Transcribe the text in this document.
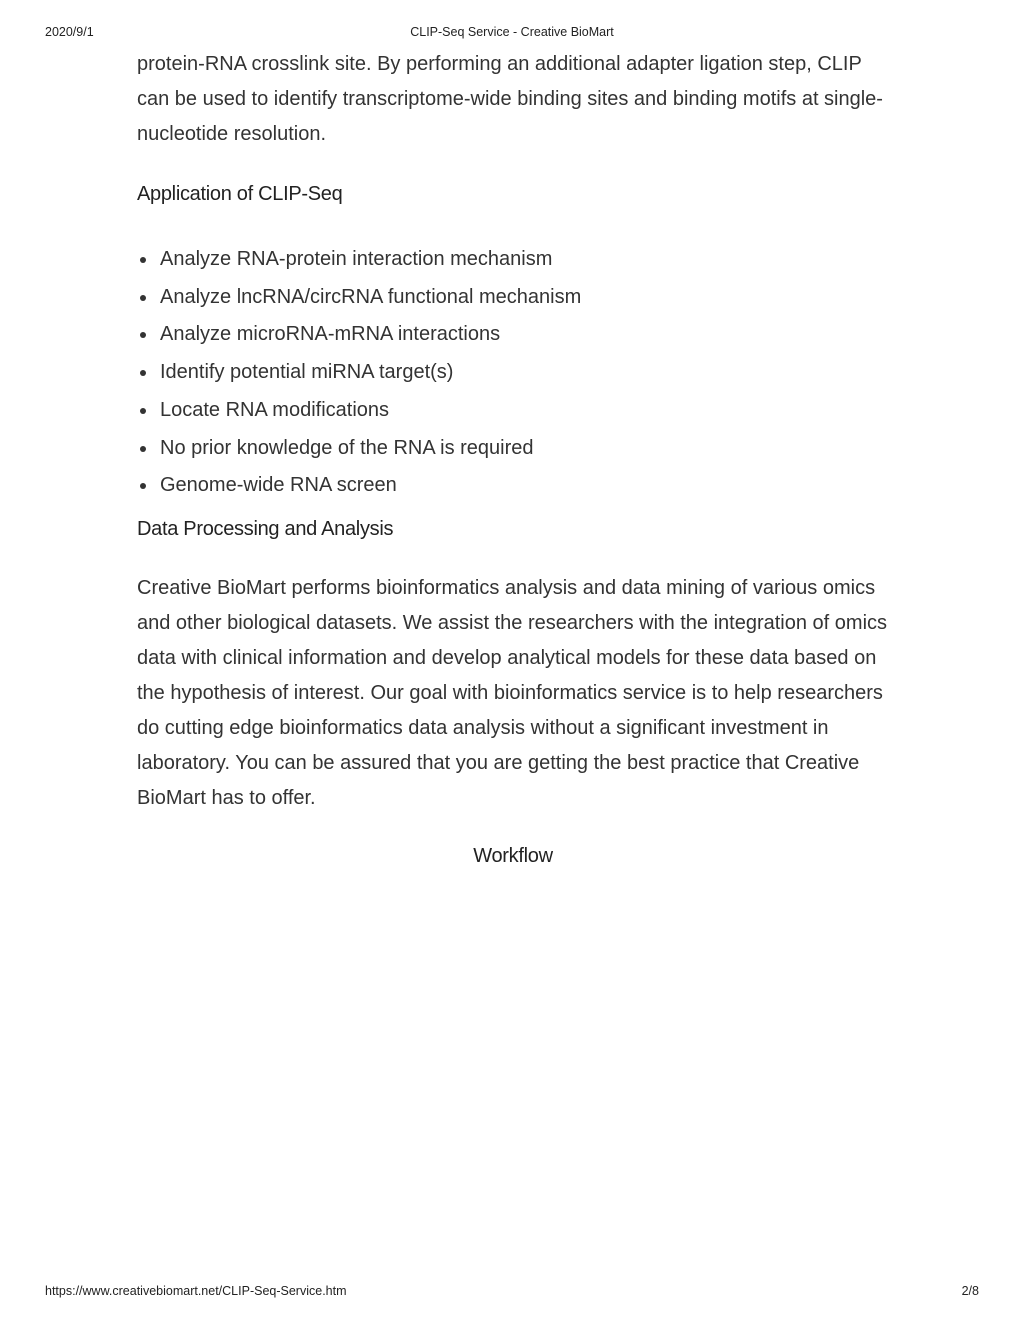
2020/9/1	CLIP-Seq Service - Creative BioMart

protein-RNA crosslink site. By performing an additional adapter ligation step, CLIP can be used to identify transcriptome-wide binding sites and binding motifs at single-nucleotide resolution.

Application of CLIP-Seq
Analyze RNA-protein interaction mechanism
Analyze lncRNA/circRNA functional mechanism
Analyze microRNA-mRNA interactions
Identify potential miRNA target(s)
Locate RNA modifications
No prior knowledge of the RNA is required
Genome-wide RNA screen
Data Processing and Analysis

Creative BioMart performs bioinformatics analysis and data mining of various omics and other biological datasets. We assist the researchers with the integration of omics data with clinical information and develop analytical models for these data based on the hypothesis of interest. Our goal with bioinformatics service is to help researchers do cutting edge bioinformatics data analysis without a significant investment in laboratory. You can be assured that you are getting the best practice that Creative BioMart has to offer.

Workflow
https://www.creativebiomart.net/CLIP-Seq-Service.htm	2/8
